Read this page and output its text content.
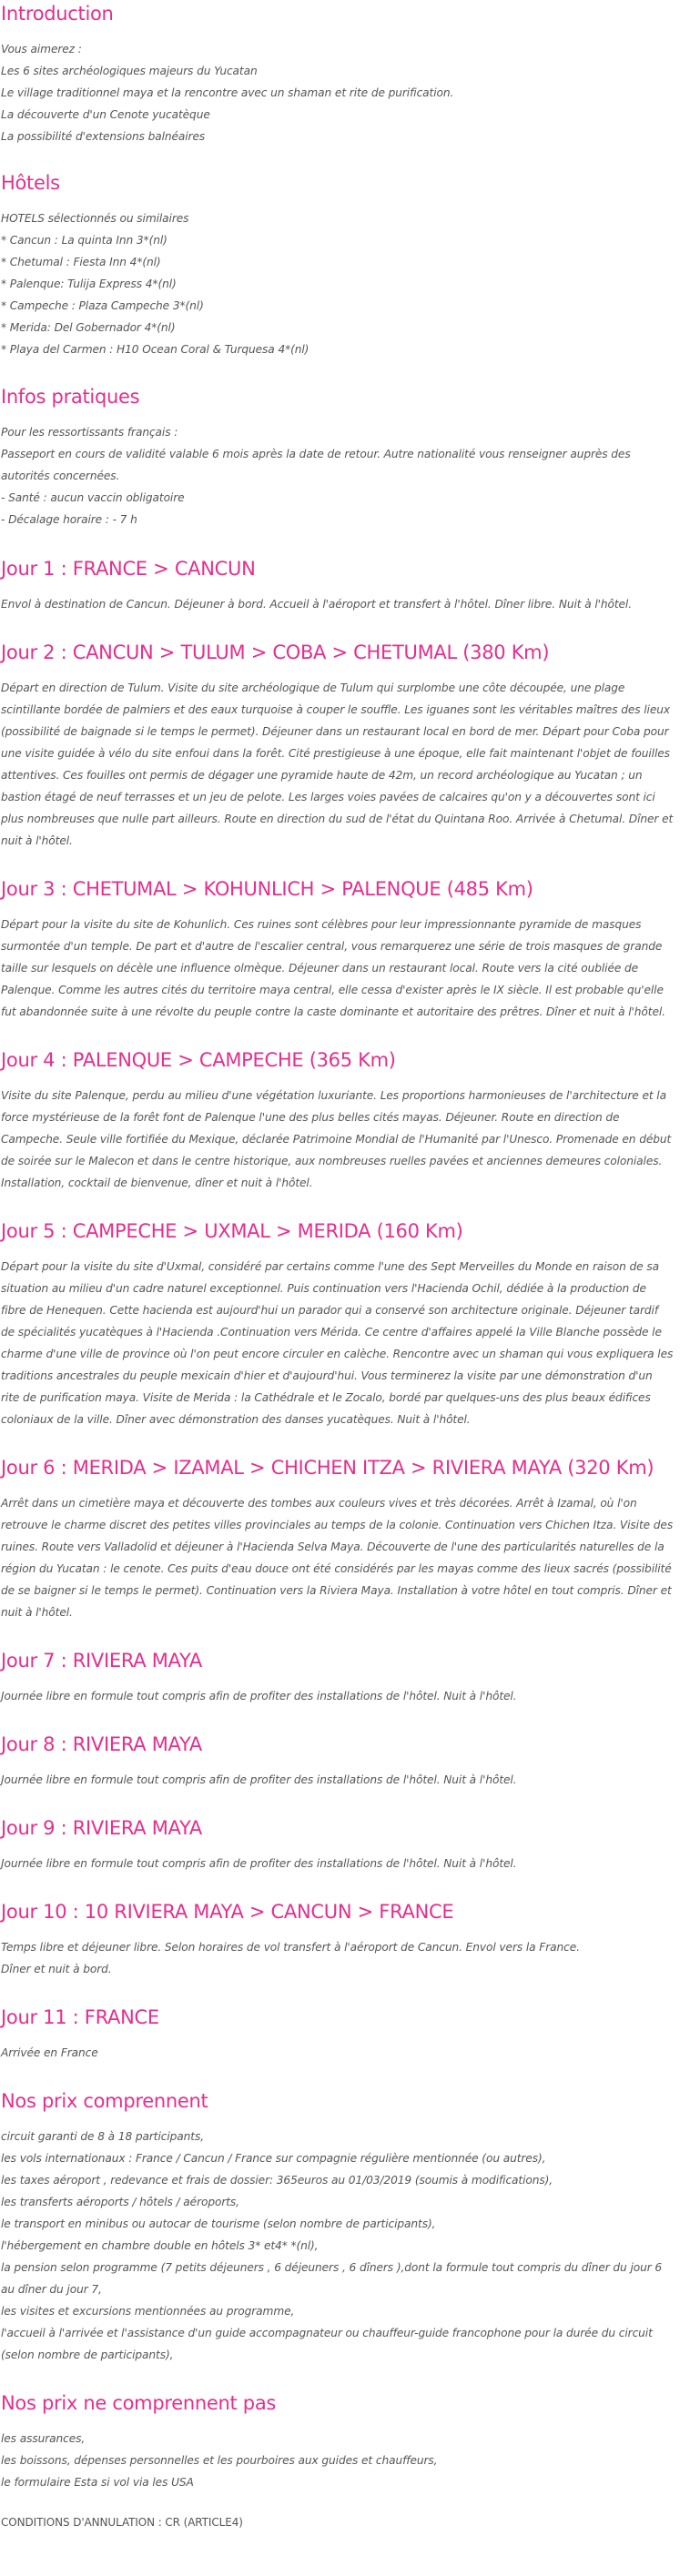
Introduction
Vous aimerez :
Les 6 sites archéologiques majeurs du Yucatan
Le village traditionnel maya et la rencontre avec un shaman et rite de purification.
La découverte d'un Cenote yucatèque
La possibilité d'extensions balnéaires
Hôtels
HOTELS sélectionnés ou similaires
* Cancun : La quinta Inn 3*(nl)
* Chetumal : Fiesta Inn 4*(nl)
* Palenque: Tulija Express 4*(nl)
* Campeche : Plaza Campeche 3*(nl)
* Merida: Del Gobernador 4*(nl)
* Playa del Carmen : H10 Ocean Coral & Turquesa 4*(nl)
Infos pratiques
Pour les ressortissants français :
Passeport en cours de validité valable 6 mois après la date de retour. Autre nationalité vous renseigner auprès des autorités concernées.
- Santé : aucun vaccin obligatoire
- Décalage horaire : - 7 h
Jour 1 : FRANCE > CANCUN
Envol à destination de Cancun. Déjeuner à bord. Accueil à l'aéroport et transfert à l'hôtel. Dîner libre. Nuit à l'hôtel.
Jour 2 : CANCUN > TULUM > COBA > CHETUMAL (380 Km)
Départ en direction de Tulum. Visite du site archéologique de Tulum qui surplombe une côte découpée, une plage scintillante bordée de palmiers et des eaux turquoise à couper le souffle. Les iguanes sont les véritables maîtres des lieux (possibilité de baignade si le temps le permet). Déjeuner dans un restaurant local en bord de mer. Départ pour Coba pour une visite guidée à vélo du site enfoui dans la forêt. Cité prestigieuse à une époque, elle fait maintenant l'objet de fouilles attentives. Ces fouilles ont permis de dégager une pyramide haute de 42m, un record archéologique au Yucatan ; un bastion étagé de neuf terrasses et un jeu de pelote. Les larges voies pavées de calcaires qu'on y a découvertes sont ici plus nombreuses que nulle part ailleurs. Route en direction du sud de l'état du Quintana Roo. Arrivée à Chetumal. Dîner et nuit à l'hôtel.
Jour 3 : CHETUMAL > KOHUNLICH > PALENQUE (485 Km)
Départ pour la visite du site de Kohunlich. Ces ruines sont célèbres pour leur impressionnante pyramide de masques surmontée d'un temple. De part et d'autre de l'escalier central, vous remarquerez une série de trois masques de grande taille sur lesquels on décèle une influence olmèque. Déjeuner dans un restaurant local. Route vers la cité oubliée de Palenque. Comme les autres cités du territoire maya central, elle cessa d'exister après le IX siècle. Il est probable qu'elle fut abandonnée suite à une révolte du peuple contre la caste dominante et autoritaire des prêtres. Dîner et nuit à l'hôtel.
Jour 4 : PALENQUE > CAMPECHE (365 Km)
Visite du site Palenque, perdu au milieu d'une végétation luxuriante. Les proportions harmonieuses de l'architecture et la force mystérieuse de la forêt font de Palenque l'une des plus belles cités mayas. Déjeuner. Route en direction de Campeche. Seule ville fortifiée du Mexique, déclarée Patrimoine Mondial de l'Humanité par l'Unesco. Promenade en début de soirée sur le Malecon et dans le centre historique, aux nombreuses ruelles pavées et anciennes demeures coloniales. Installation, cocktail de bienvenue, dîner et nuit à l'hôtel.
Jour 5 : CAMPECHE > UXMAL > MERIDA (160 Km)
Départ pour la visite du site d'Uxmal, considéré par certains comme l'une des Sept Merveilles du Monde en raison de sa situation au milieu d'un cadre naturel exceptionnel. Puis continuation vers l'Hacienda Ochil, dédiée à la production de fibre de Henequen. Cette hacienda est aujourd'hui un parador qui a conservé son architecture originale. Déjeuner tardif de spécialités yucatèques à l'Hacienda .Continuation vers Mérida. Ce centre d'affaires appelé la Ville Blanche possède le charme d'une ville de province où l'on peut encore circuler en calèche. Rencontre avec un shaman qui vous expliquera les traditions ancestrales du peuple mexicain d'hier et d'aujourd'hui. Vous terminerez la visite par une démonstration d'un rite de purification maya. Visite de Merida : la Cathédrale et le Zocalo, bordé par quelques-uns des plus beaux édifices coloniaux de la ville. Dîner avec démonstration des danses yucatèques. Nuit à l'hôtel.
Jour 6 : MERIDA > IZAMAL > CHICHEN ITZA > RIVIERA MAYA (320 Km)
Arrêt dans un cimetière maya et découverte des tombes aux couleurs vives et très décorées. Arrêt à Izamal, où l'on retrouve le charme discret des petites villes provinciales au temps de la colonie. Continuation vers Chichen Itza. Visite des ruines. Route vers Valladolid et déjeuner à l'Hacienda Selva Maya. Découverte de l'une des particularités naturelles de la région du Yucatan : le cenote. Ces puits d'eau douce ont été considérés par les mayas comme des lieux sacrés (possibilité de se baigner si le temps le permet). Continuation vers la Riviera Maya. Installation à votre hôtel en tout compris. Dîner et nuit à l'hôtel.
Jour 7 : RIVIERA MAYA
Journée libre en formule tout compris afin de profiter des installations de l'hôtel. Nuit à l'hôtel.
Jour 8 : RIVIERA MAYA
Journée libre en formule tout compris afin de profiter des installations de l'hôtel. Nuit à l'hôtel.
Jour 9 : RIVIERA MAYA
Journée libre en formule tout compris afin de profiter des installations de l'hôtel. Nuit à l'hôtel.
Jour 10 : 10 RIVIERA MAYA > CANCUN > FRANCE
Temps libre et déjeuner libre. Selon horaires de vol transfert à l'aéroport de Cancun. Envol vers la France.
Dîner et nuit à bord.
Jour 11 : FRANCE
Arrivée en France
Nos prix comprennent
circuit garanti de 8 à 18 participants,
les vols internationaux : France / Cancun / France sur compagnie régulière mentionnée (ou autres),
les taxes aéroport , redevance et frais de dossier: 365euros au 01/03/2019 (soumis à modifications),
les transferts aéroports / hôtels / aéroports,
le transport en minibus ou autocar de tourisme (selon nombre de participants),
l'hébergement en chambre double en hôtels 3* et4* *(nl),
la pension selon programme (7 petits déjeuners , 6 déjeuners , 6 dîners ),dont la formule tout compris du dîner du jour 6 au dîner du jour 7,
les visites et excursions mentionnées au programme,
l'accueil à l'arrivée et l'assistance d'un guide accompagnateur ou chauffeur-guide francophone pour la durée du circuit (selon nombre de participants),
Nos prix ne comprennent pas
les assurances,
les boissons, dépenses personnelles et les pourboires aux guides et chauffeurs,
le formulaire Esta si vol via les USA
CONDITIONS D'ANNULATION : CR (ARTICLE4)
